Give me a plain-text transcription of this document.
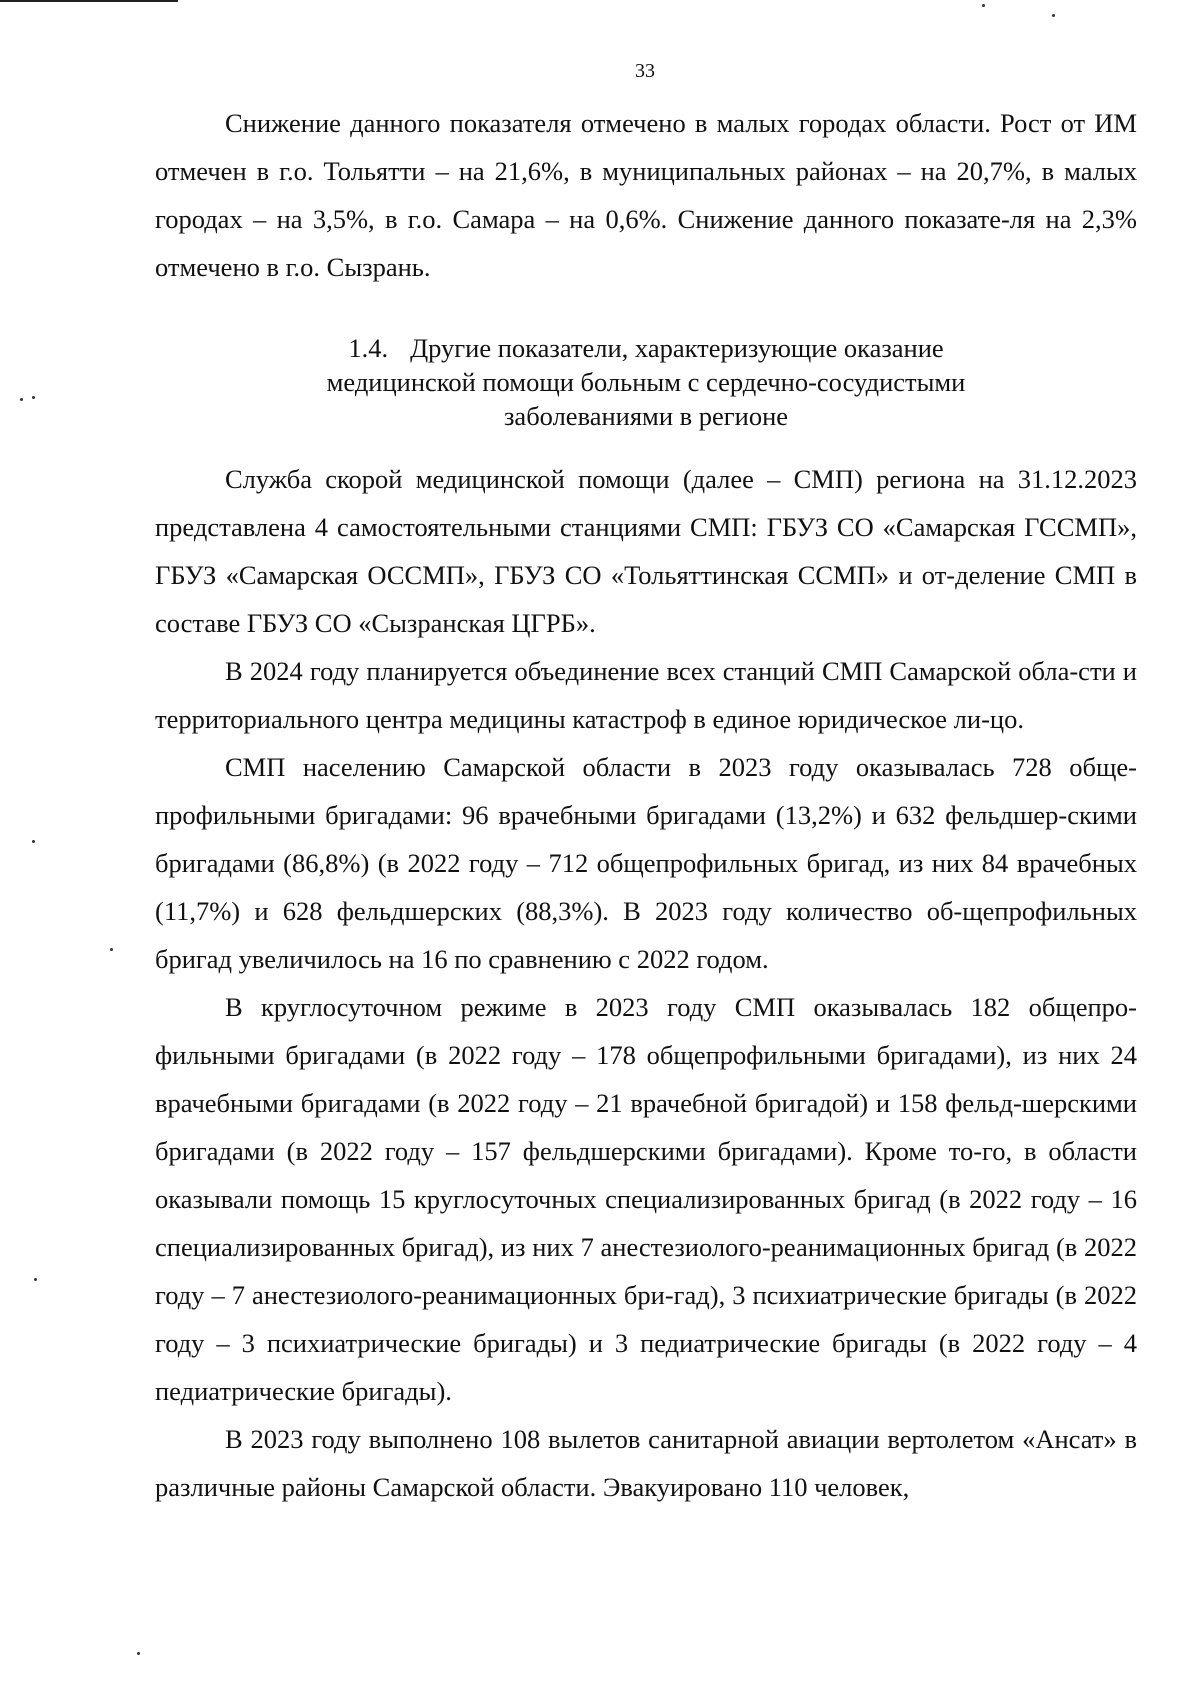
33

Снижение данного показателя отмечено в малых городах области. Рост от ИМ отмечен в г.о. Тольятти – на 21,6%, в муниципальных районах – на 20,7%, в малых городах – на 3,5%, в г.о. Самара – на 0,6%. Снижение данного показате-ля на 2,3% отмечено в г.о. Сызрань.

1.4. Другие показатели, характеризующие оказание
медицинской помощи больным с сердечно-сосудистыми
заболеваниями в регионе

Служба скорой медицинской помощи (далее – СМП) региона на 31.12.2023 представлена 4 самостоятельными станциями СМП: ГБУЗ СО «Самарская ГССМП», ГБУЗ «Самарская ОССМП», ГБУЗ СО «Тольяттинская ССМП» и от-деление СМП в составе ГБУЗ СО «Сызранская ЦГРБ».

В 2024 году планируется объединение всех станций СМП Самарской обла-сти и территориального центра медицины катастроф в единое юридическое ли-цо.

СМП населению Самарской области в 2023 году оказывалась 728 обще-профильными бригадами: 96 врачебными бригадами (13,2%) и 632 фельдшер-скими бригадами (86,8%) (в 2022 году – 712 общепрофильных бригад, из них 84 врачебных (11,7%) и 628 фельдшерских (88,3%). В 2023 году количество об-щепрофильных бригад увеличилось на 16 по сравнению с 2022 годом.

В круглосуточном режиме в 2023 году СМП оказывалась 182 общепро-фильными бригадами (в 2022 году – 178 общепрофильными бригадами), из них 24 врачебными бригадами (в 2022 году – 21 врачебной бригадой) и 158 фельд-шерскими бригадами (в 2022 году – 157 фельдшерскими бригадами). Кроме то-го, в области оказывали помощь 15 круглосуточных специализированных бригад (в 2022 году – 16 специализированных бригад), из них 7 анестезиолого-реанимационных бригад (в 2022 году – 7 анестезиолого-реанимационных бри-гад), 3 психиатрические бригады (в 2022 году – 3 психиатрические бригады) и 3 педиатрические бригады (в 2022 году – 4 педиатрические бригады).

В 2023 году выполнено 108 вылетов санитарной авиации вертолетом «Ансат» в различные районы Самарской области. Эвакуировано 110 человек,
